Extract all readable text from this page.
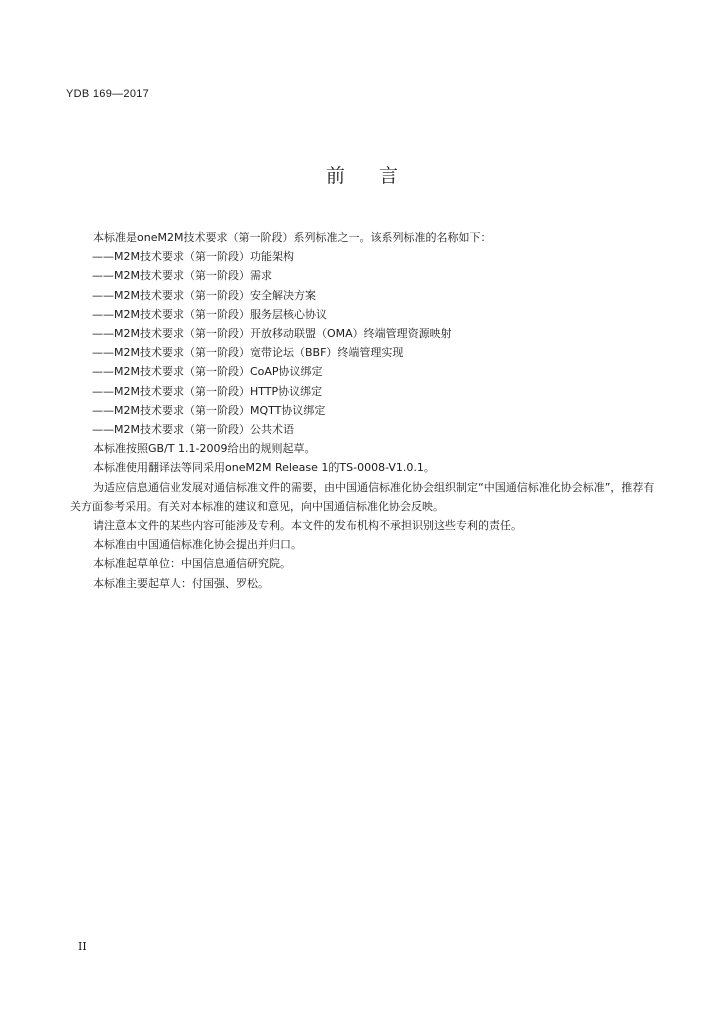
YDB 169—2017
前言
本标准是oneM2M技术要求（第一阶段）系列标准之一。该系列标准的名称如下：
——M2M技术要求（第一阶段）功能架构
——M2M技术要求（第一阶段）需求
——M2M技术要求（第一阶段）安全解决方案
——M2M技术要求（第一阶段）服务层核心协议
——M2M技术要求（第一阶段）开放移动联盟（OMA）终端管理资源映射
——M2M技术要求（第一阶段）宽带论坛（BBF）终端管理实现
——M2M技术要求（第一阶段）CoAP协议绑定
——M2M技术要求（第一阶段）HTTP协议绑定
——M2M技术要求（第一阶段）MQTT协议绑定
——M2M技术要求（第一阶段）公共术语
本标准按照GB/T 1.1-2009给出的规则起草。
本标准使用翻译法等同采用oneM2M Release 1的TS-0008-V1.0.1。
为适应信息通信业发展对通信标准文件的需要，由中国通信标准化协会组织制定“中国通信标准化协会标准”，推荐有关方面参考采用。有关对本标准的建议和意见，向中国通信标准化协会反映。
请注意本文件的某些内容可能涉及专利。本文件的发布机构不承担识别这些专利的责任。
本标准由中国通信标准化协会提出并归口。
本标准起草单位：中国信息通信研究院。
本标准主要起草人：付国强、罗松。
II
